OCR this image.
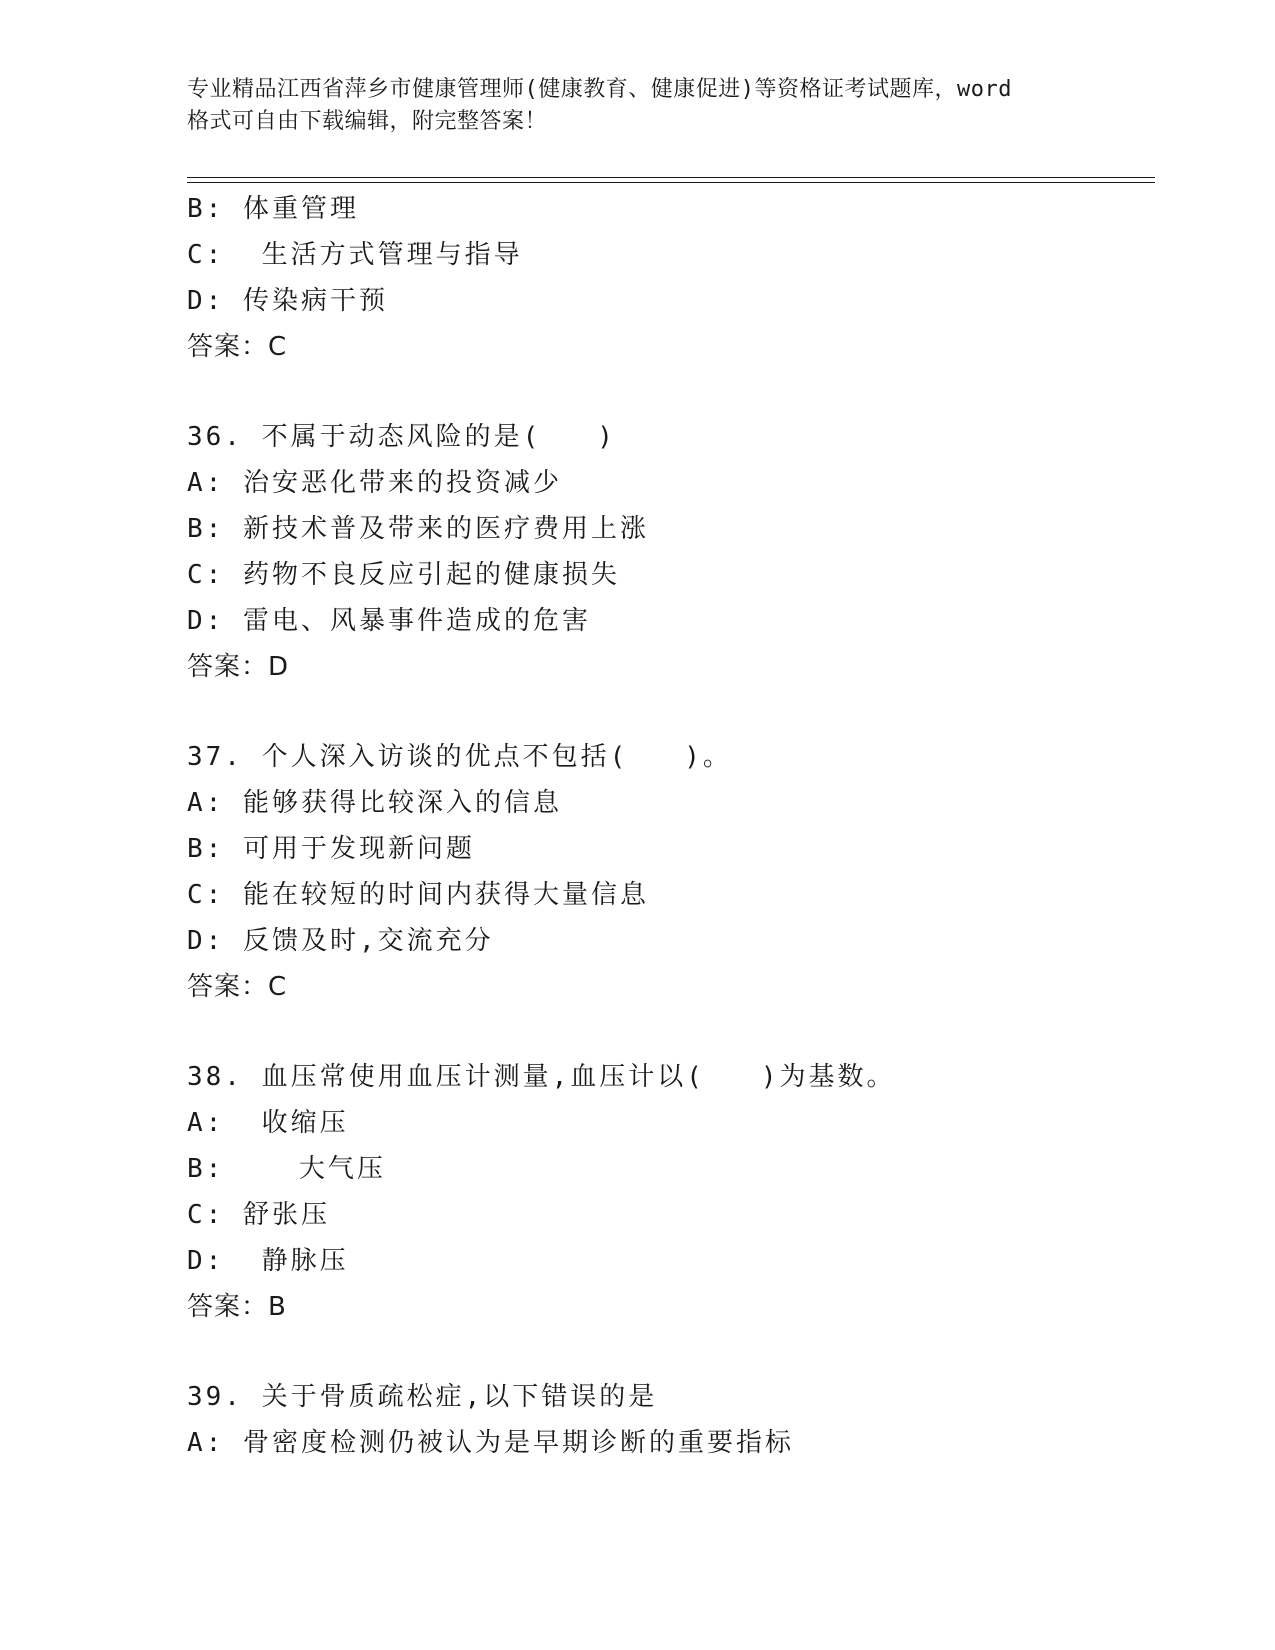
专业精品江西省萍乡市健康管理师(健康教育、健康促进)等资格证考试题库，word
格式可自由下载编辑，附完整答案！
B: 体重管理
C:  生活方式管理与指导
D: 传染病干预
答案：C
36. 不属于动态风险的是(   )
A: 治安恶化带来的投资减少
B: 新技术普及带来的医疗费用上涨
C: 药物不良反应引起的健康损失
D: 雷电、风暴事件造成的危害
答案：D
37. 个人深入访谈的优点不包括(   )。
A: 能够获得比较深入的信息
B: 可用于发现新问题
C: 能在较短的时间内获得大量信息
D: 反馈及时,交流充分
答案：C
38. 血压常使用血压计测量,血压计以(   )为基数。
A:  收缩压
B:    大气压
C: 舒张压
D:  静脉压
答案：B
39. 关于骨质疏松症,以下错误的是
A: 骨密度检测仍被认为是早期诊断的重要指标
